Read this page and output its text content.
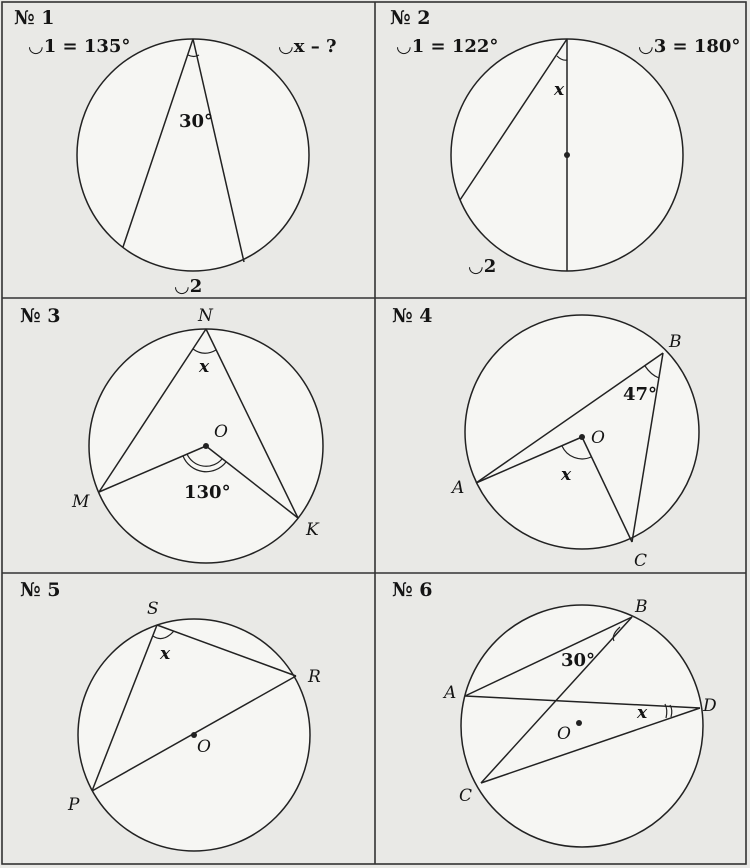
№ 1
◡1 = 135°	◡x – ?
30°
◡2
№ 2
◡1 = 122°	◡3 = 180°
x
◡2
№ 3	N
O
M
K
x
130°
№ 4
B
O
A
C
x
47°
№ 5
S
R
O
P
x
№ 6
B
A
D
O
C
x
30°
